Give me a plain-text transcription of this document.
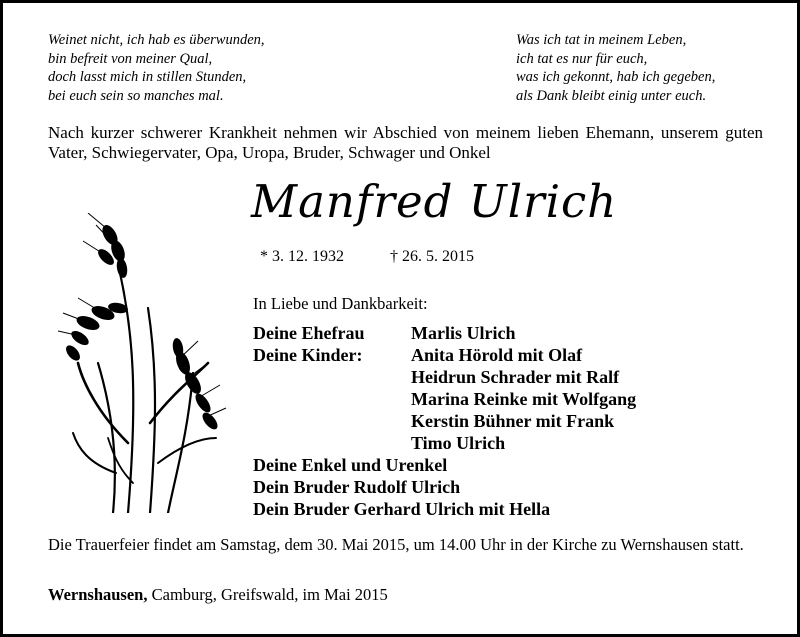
Weinet nicht, ich hab es überwunden,
bin befreit von meiner Qual,
doch lasst mich in stillen Stunden,
bei euch sein so manches mal.
Was ich tat in meinem Leben,
ich tat es nur für euch,
was ich gekonnt, hab ich gegeben,
als Dank bleibt einig unter euch.
Nach kurzer schwerer Krankheit nehmen wir Abschied von meinem lieben Ehemann, unserem guten Vater, Schwiegervater, Opa, Uropa, Bruder, Schwager und Onkel
Manfred Ulrich
* 3. 12. 1932	† 26. 5. 2015
In Liebe und Dankbarkeit:
Deine Ehefrau	Marlis Ulrich
Deine Kinder:	Anita Hörold mit Olaf
Heidrun Schrader mit Ralf
Marina Reinke mit Wolfgang
Kerstin Bühner mit Frank
Timo Ulrich
Deine Enkel und Urenkel
Dein Bruder Rudolf Ulrich
Dein Bruder Gerhard Ulrich mit Hella
Die Trauerfeier findet am Samstag, dem 30. Mai 2015, um 14.00 Uhr in der Kirche zu Wernshausen statt.
Wernshausen, Camburg, Greifswald, im Mai 2015
